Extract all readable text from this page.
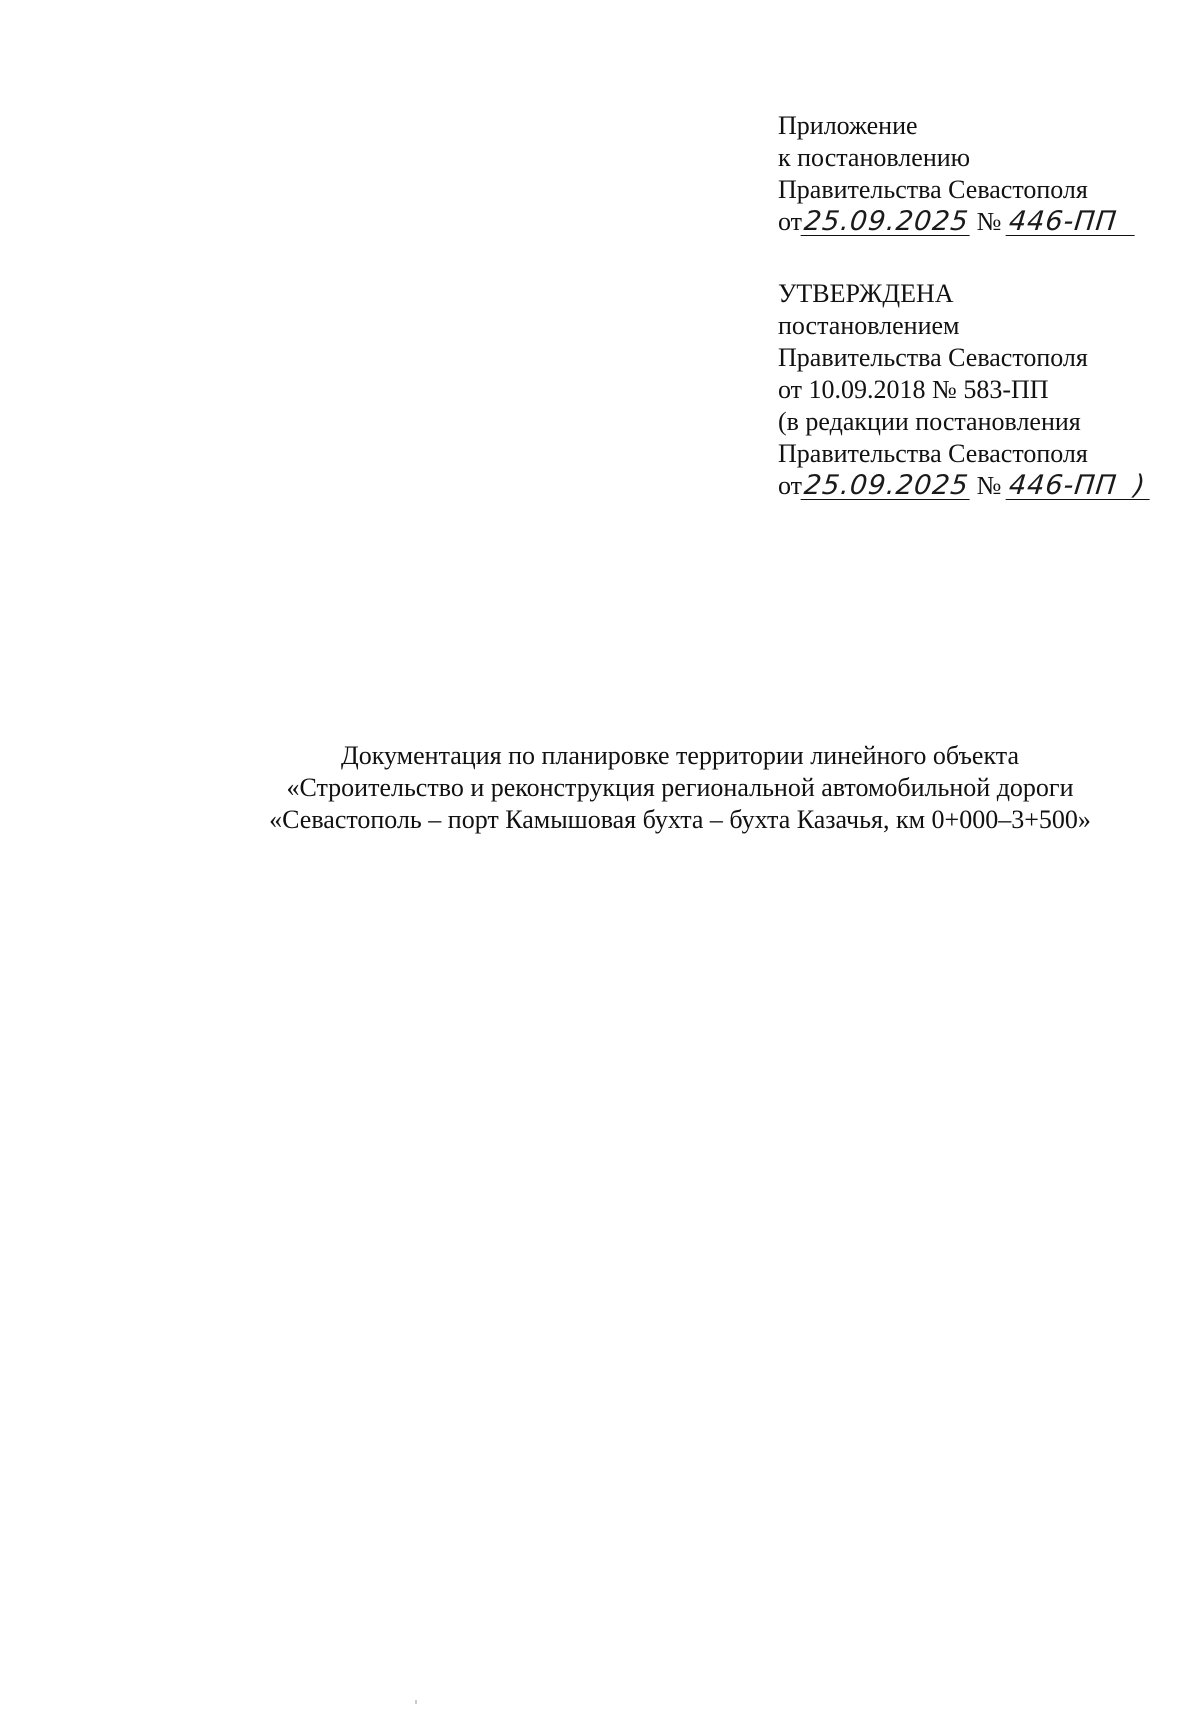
Приложение
к постановлению
Правительства Севастополя
от25.09.2025 № 446-ПП
УТВЕРЖДЕНА
постановлением
Правительства Севастополя
от 10.09.2018 № 583-ПП
(в редакции постановления
Правительства Севастополя
от25.09.2025 № 446-ПП )
Документация по планировке территории линейного объекта
«Строительство и реконструкция региональной автомобильной дороги
«Севастополь – порт Камышовая бухта – бухта Казачья, км 0+000–3+500»
